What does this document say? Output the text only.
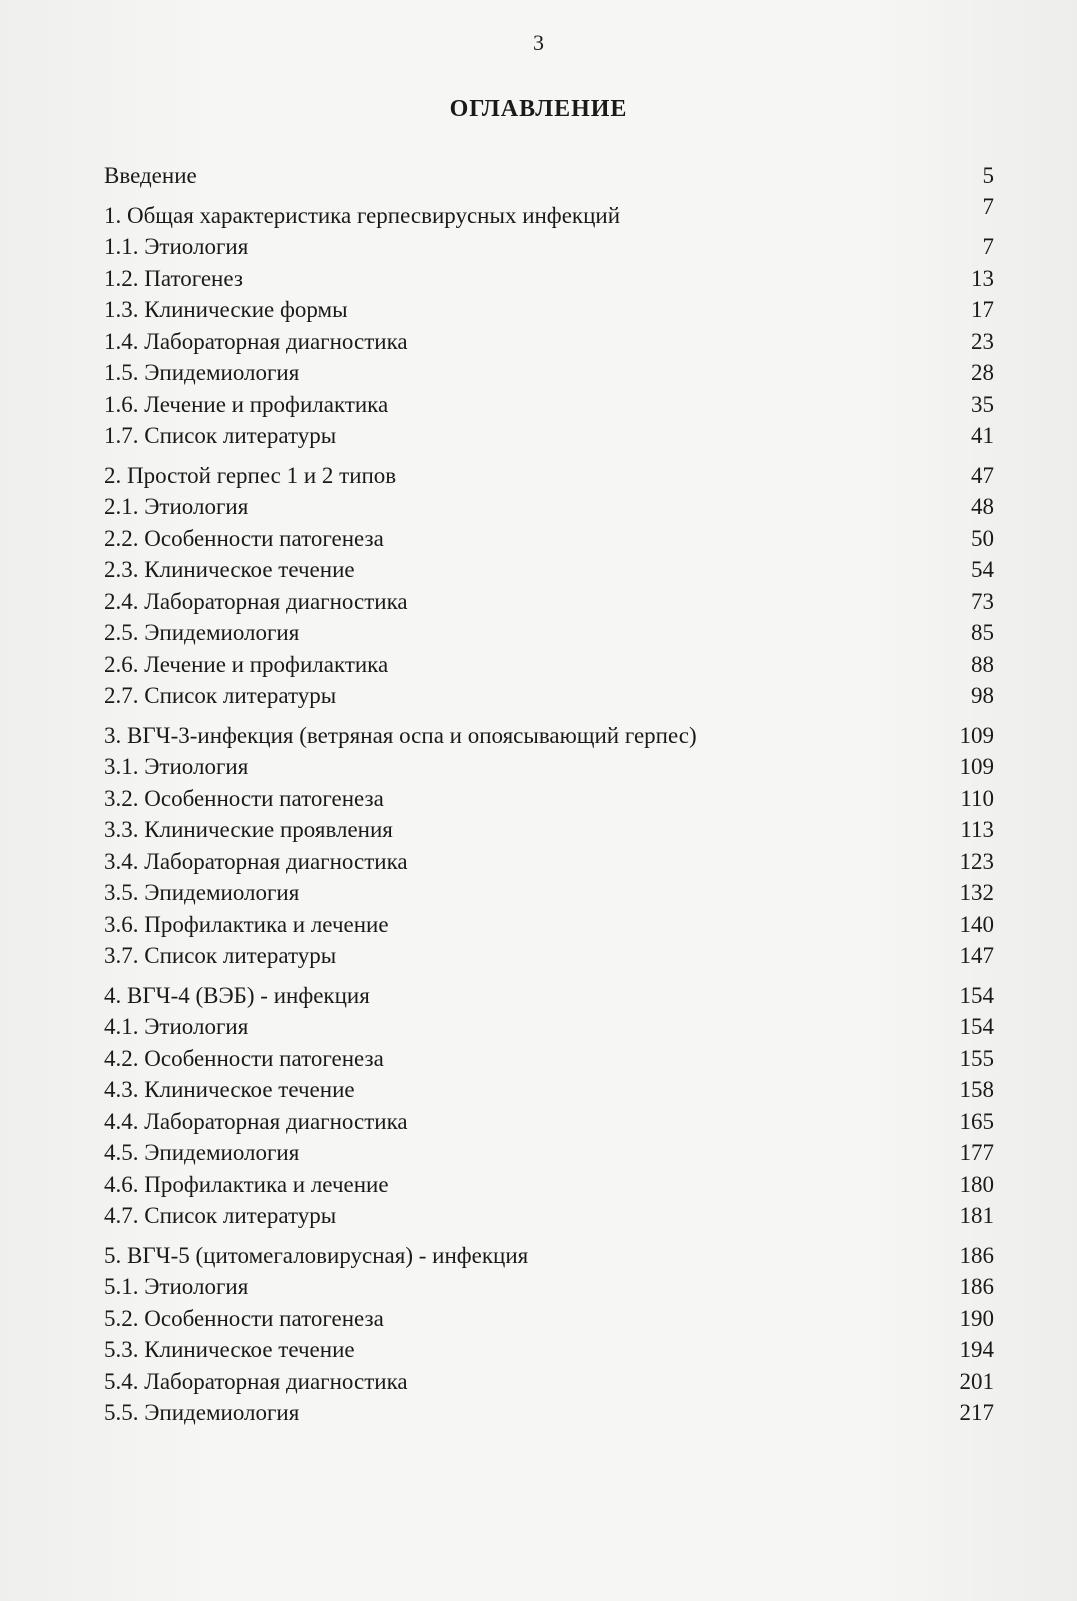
3
ОГЛАВЛЕНИЕ
Введение	5
1. Общая характеристика герпесвирусных инфекций	7
1.1. Этиология	7
1.2. Патогенез	13
1.3. Клинические формы	17
1.4. Лабораторная диагностика	23
1.5. Эпидемиология	28
1.6. Лечение и профилактика	35
1.7. Список литературы	41
2. Простой герпес 1 и 2 типов	47
2.1. Этиология	48
2.2. Особенности патогенеза	50
2.3. Клиническое течение	54
2.4. Лабораторная диагностика	73
2.5. Эпидемиология	85
2.6. Лечение и профилактика	88
2.7. Список литературы	98
3. ВГЧ-3-инфекция (ветряная оспа и опоясывающий герпес)	109
3.1. Этиология	109
3.2. Особенности патогенеза	110
3.3. Клинические проявления	113
3.4. Лабораторная диагностика	123
3.5. Эпидемиология	132
3.6. Профилактика и лечение	140
3.7. Список литературы	147
4. ВГЧ-4 (ВЭБ) - инфекция	154
4.1. Этиология	154
4.2. Особенности патогенеза	155
4.3. Клиническое течение	158
4.4. Лабораторная диагностика	165
4.5. Эпидемиология	177
4.6. Профилактика и лечение	180
4.7. Список литературы	181
5. ВГЧ-5 (цитомегаловирусная) - инфекция	186
5.1. Этиология	186
5.2. Особенности патогенеза	190
5.3. Клиническое течение	194
5.4. Лабораторная диагностика	201
5.5. Эпидемиология	217
